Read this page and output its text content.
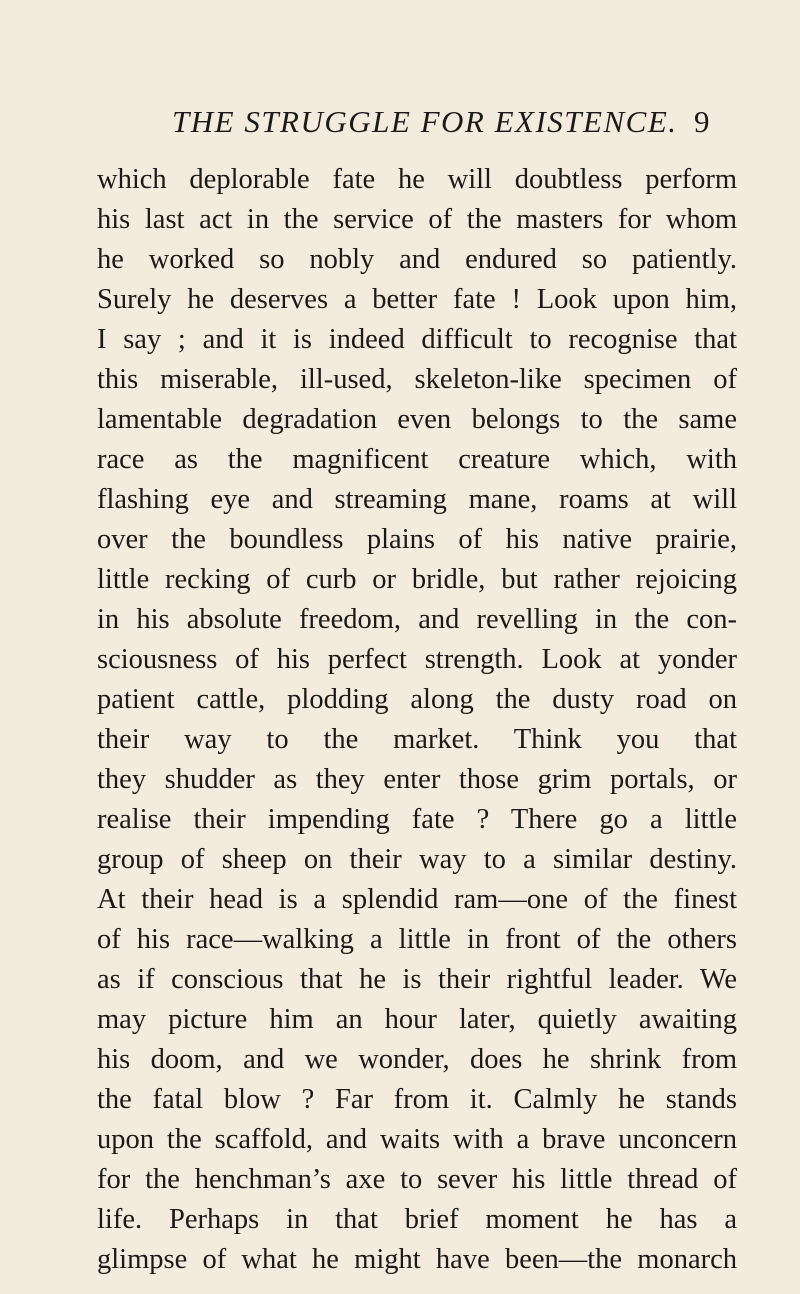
THE STRUGGLE FOR EXISTENCE. 9
which deplorable fate he will doubtless perform
his last act in the service of the masters for whom
he worked so nobly and endured so patiently.
Surely he deserves a better fate ! Look upon him,
I say ; and it is indeed difficult to recognise that
this miserable, ill-used, skeleton-like specimen of
lamentable degradation even belongs to the same
race as the magnificent creature which, with
flashing eye and streaming mane, roams at will
over the boundless plains of his native prairie,
little recking of curb or bridle, but rather rejoicing
in his absolute freedom, and revelling in the con-
sciousness of his perfect strength. Look at yonder
patient cattle, plodding along the dusty road on
their way to the market. Think you that
they shudder as they enter those grim portals, or
realise their impending fate ? There go a little
group of sheep on their way to a similar destiny.
At their head is a splendid ram—one of the finest
of his race—walking a little in front of the others
as if conscious that he is their rightful leader. We
may picture him an hour later, quietly awaiting
his doom, and we wonder, does he shrink from
the fatal blow ? Far from it. Calmly he stands
upon the scaffold, and waits with a brave unconcern
for the henchman’s axe to sever his little thread of
life. Perhaps in that brief moment he has a
glimpse of what he might have been—the monarch
